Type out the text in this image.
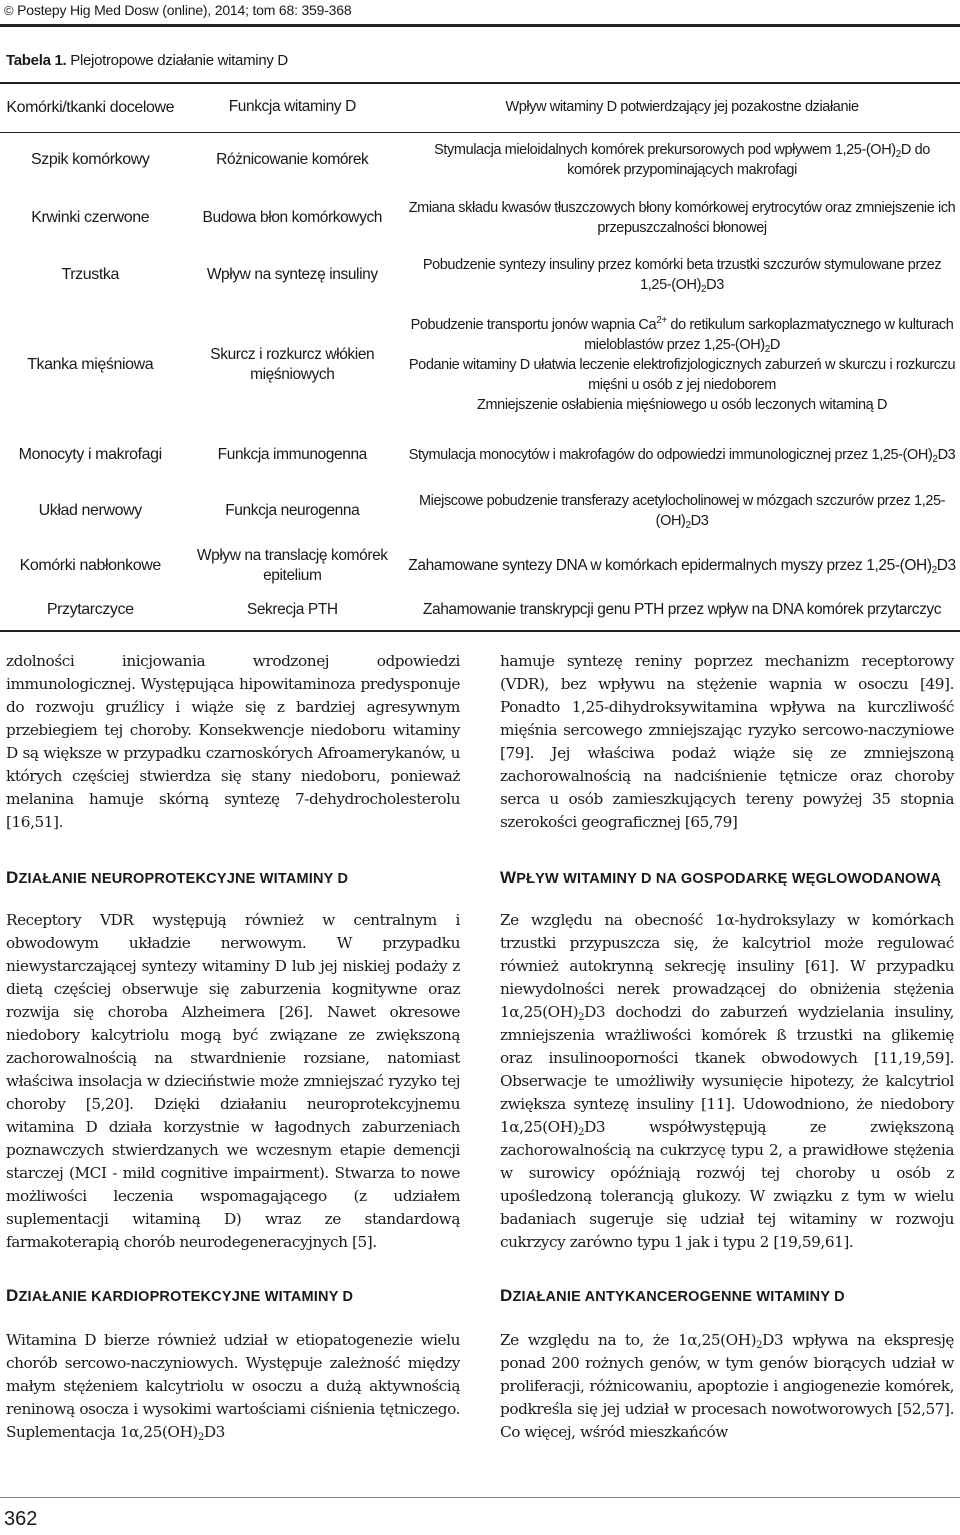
© Postepy Hig Med Dosw (online), 2014; tom 68: 359-368
Tabela 1. Plejotropowe działanie witaminy D
Komórki/tkanki docelowe	Funkcja witaminy D	Wpływ witaminy D potwierdzający jej pozakostne działanie
Szpik komórkowy	Różnicowanie komórek	Stymulacja mieloidalnych komórek prekursorowych pod wpływem $1,25-(OH)_2D$ do komórek przypominających makrofagi
Krwinki czerwone	Budowa błon komórkowych	Zmiana składu kwasów tłuszczowych błony komórkowej erytrocytów oraz zmniejszenie ich przepuszczalności błonowej
Trzustka	Wpływ na syntezę insuliny	Pobudzenie syntezy insuliny przez komórki beta trzustki szczurów stymulowane przez $1,25-(OH)_2D3$
Tkanka mięśniowa	Skurcz i rozkurcz włókien mięśniowych	Pobudzenie transportu jonów wapnia $Ca^{2+}$ do retikulum sarkoplazmatycznego w kulturach mieloblastów przez $1,25-(OH)_2D$
Podanie witaminy D ułatwia leczenie elektrofizjologicznych zaburzeń w skurczu i rozkurczu mięśni u osób z jej niedoborem
Zmniejszenie osłabienia mięśniowego u osób leczonych witaminą D

Monocyty i makrofagi	Funkcja immunogenna	Stymulacja monocytów i makrofagów do odpowiedzi immunologicznej przez $1,25-(OH)_2D3$
Układ nerwowy	Funkcja neurogenna	Miejscowe pobudzenie transferazy acetylocholinowej w mózgach szczurów przez $1,25-(OH)_2D3$
Komórki nabłonkowe	Wpływ na translację komórek epitelium	Zahamowane syntezy DNA w komórkach epidermalnych myszy przez $1,25-(OH)_2D3$
Przytarczyce	Sekrecja PTH	Zahamowanie transkrypcji genu PTH przez wpływ na DNA komórek przytarczyc

zdolności inicjowania wrodzonej odpowiedzi immunologicznej. Występująca hipowitaminoza predysponuje do rozwoju gruźlicy i wiąże się z bardziej agresywnym przebiegiem tej choroby. Konsekwencje niedoboru witaminy D są większe w przypadku czarnoskórych Afroamerykanów, u których częściej stwierdza się stany niedoboru, ponieważ melanina hamuje skórną syntezę 7-dehydrocholesterolu [16,51].

DZIAŁANIE NEUROPROTEKCYJNE WITAMINY D

Receptory VDR występują również w centralnym i obwodowym układzie nerwowym. W przypadku niewystarczającej syntezy witaminy D lub jej niskiej podaży z dietą częściej obserwuje się zaburzenia kognitywne oraz rozwija się choroba Alzheimera [26]. Nawet okresowe niedobory kalcytriolu mogą być związane ze zwiększoną zachorowalnością na stwardnienie rozsiane, natomiast właściwa insolacja w dzieciństwie może zmniejszać ryzyko tej choroby [5,20]. Dzięki działaniu neuroprotekcyjnemu witamina D działa korzystnie w łagodnych zaburzeniach poznawczych stwierdzanych we wczesnym etapie demencji starczej (MCI - mild cognitive impairment). Stwarza to nowe możliwości leczenia wspomagającego (z udziałem suplementacji witaminą D) wraz ze standardową farmakoterapią chorób neurodegeneracyjnych [5].

DZIAŁANIE KARDIOPROTEKCYJNE WITAMINY D

Witamina D bierze również udział w etiopatogenezie wielu chorób sercowo-naczyniowych. Występuje zależność między małym stężeniem kalcytriolu w osoczu a dużą aktywnością reninową osocza i wysokimi wartościami ciśnienia tętniczego. Suplementacja $1\alpha,25(OH)_2D3$

hamuje syntezę reniny poprzez mechanizm receptorowy (VDR), bez wpływu na stężenie wapnia w osoczu [49]. Ponadto 1,25-dihydroksywitamina wpływa na kurczliwość mięśnia sercowego zmniejszając ryzyko sercowo-naczyniowe [79]. Jej właściwa podaż wiąże się ze zmniejszoną zachorowalnością na nadciśnienie tętnicze oraz choroby serca u osób zamieszkujących tereny powyżej 35 stopnia szerokości geograficznej [65,79]

WPŁYW WITAMINY D NA GOSPODARKĘ WĘGLOWODANOWĄ

Ze względu na obecność 1α-hydroksylazy w komórkach trzustki przypuszcza się, że kalcytriol może regulować również autokrynną sekrecję insuliny [61]. W przypadku niewydolności nerek prowadzącej do obniżenia stężenia $1\alpha,25(OH)_2D3$ dochodzi do zaburzeń wydzielania insuliny, zmniejszenia wrażliwości komórek ß trzustki na glikemię oraz insulinooporności tkanek obwodowych [11,19,59]. Obserwacje te umożliwiły wysunięcie hipotezy, że kalcytriol zwiększa syntezę insuliny [11]. Udowodniono, że niedobory $1\alpha,25(OH)_2D3$ współwystępują ze zwiększoną zachorowalnością na cukrzycę typu 2, a prawidłowe stężenia w surowicy opóźniają rozwój tej choroby u osób z upośledzoną tolerancją glukozy. W związku z tym w wielu badaniach sugeruje się udział tej witaminy w rozwoju cukrzycy zarówno typu 1 jak i typu 2 [19,59,61].

DZIAŁANIE ANTYKANCEROGENNE WITAMINY D

Ze względu na to, że $1\alpha,25(OH)_2D3$ wpływa na ekspresję ponad 200 rożnych genów, w tym genów biorących udział w proliferacji, różnicowaniu, apoptozie i angiogenezie komórek, podkreśla się jej udział w procesach nowotworowych [52,57]. Co więcej, wśród mieszkańców

362
